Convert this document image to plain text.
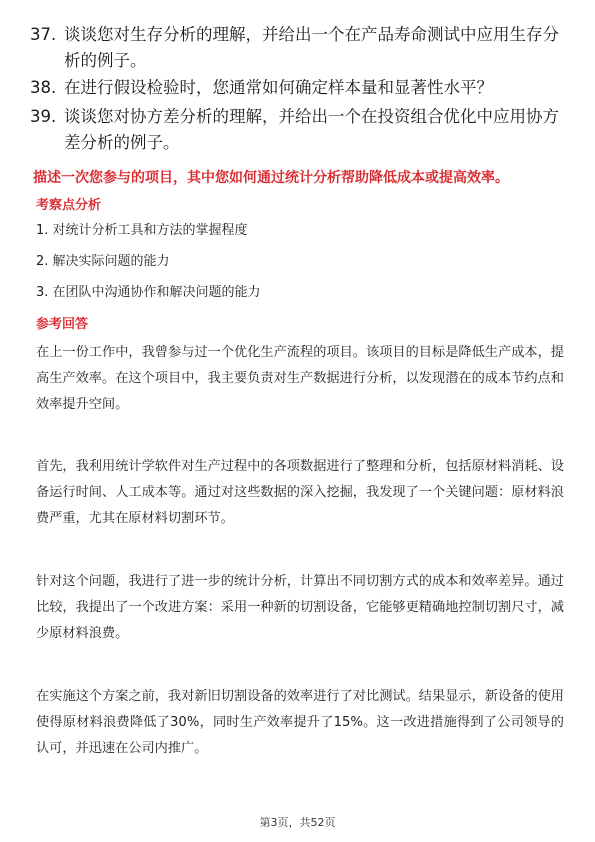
37. 谈谈您对生存分析的理解，并给出一个在产品寿命测试中应用生存分析的例子。
38. 在进行假设检验时，您通常如何确定样本量和显著性水平？
39. 谈谈您对协方差分析的理解，并给出一个在投资组合优化中应用协方差分析的例子。
描述一次您参与的项目，其中您如何通过统计分析帮助降低成本或提高效率。
考察点分析
1. 对统计分析工具和方法的掌握程度
2. 解决实际问题的能力
3. 在团队中沟通协作和解决问题的能力
参考回答
在上一份工作中，我曾参与过一个优化生产流程的项目。该项目的目标是降低生产成本，提高生产效率。在这个项目中，我主要负责对生产数据进行分析，以发现潜在的成本节约点和效率提升空间。
首先，我利用统计学软件对生产过程中的各项数据进行了整理和分析，包括原材料消耗、设备运行时间、人工成本等。通过对这些数据的深入挖掘，我发现了一个关键问题：原材料浪费严重，尤其在原材料切割环节。
针对这个问题，我进行了进一步的统计分析，计算出不同切割方式的成本和效率差异。通过比较，我提出了一个改进方案：采用一种新的切割设备，它能够更精确地控制切割尺寸，减少原材料浪费。
在实施这个方案之前，我对新旧切割设备的效率进行了对比测试。结果显示，新设备的使用使得原材料浪费降低了30%，同时生产效率提升了15%。这一改进措施得到了公司领导的认可，并迅速在公司内推广。
第3页，共52页
